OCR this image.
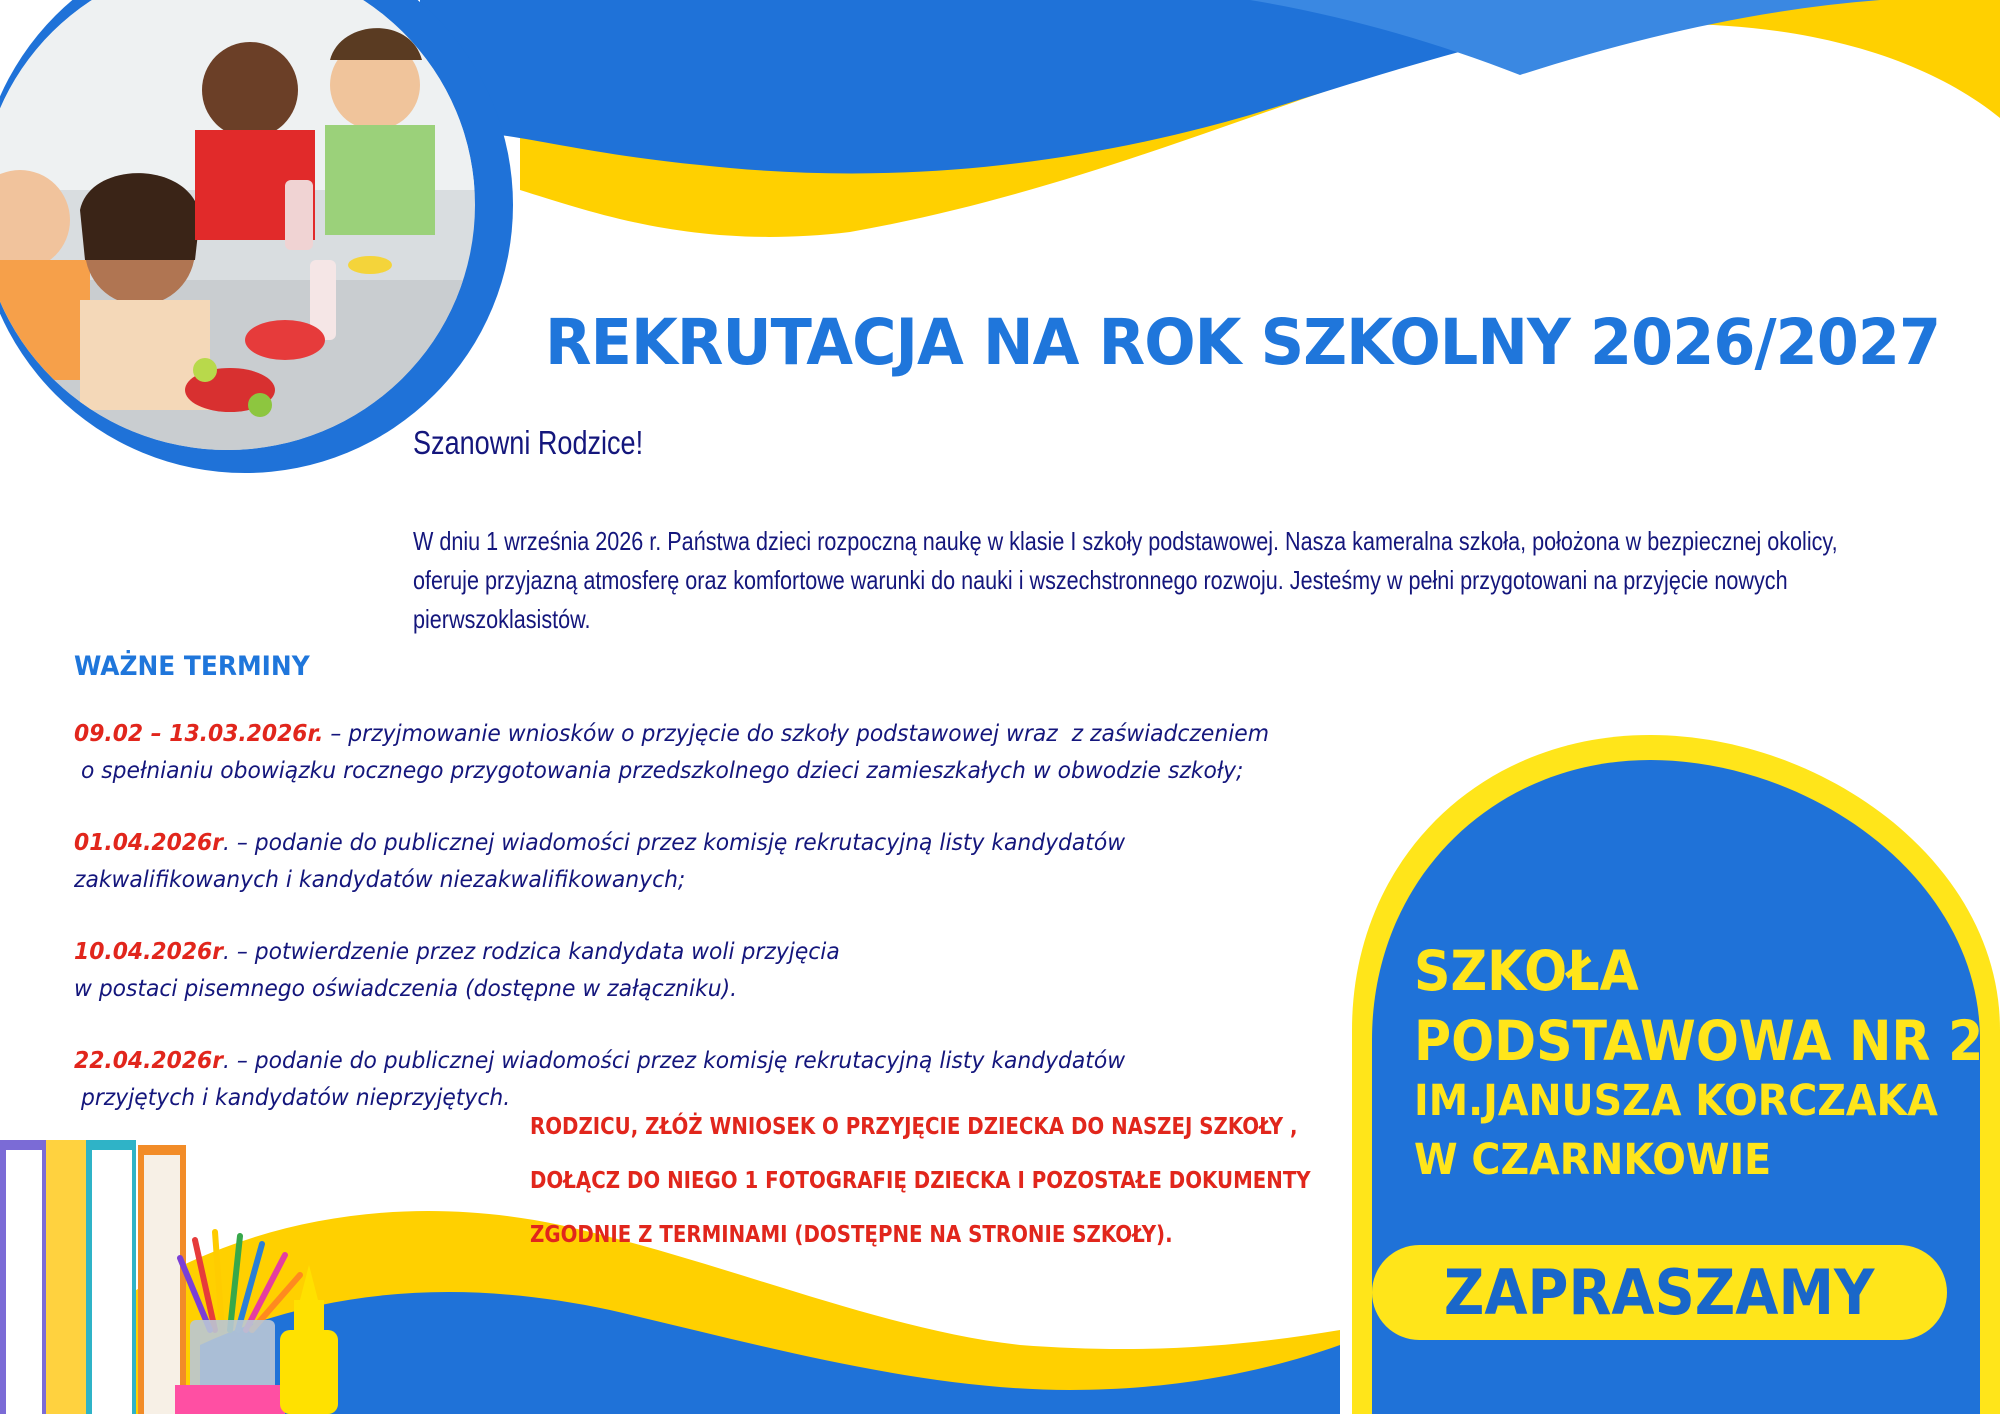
REKRUTACJA NA ROK SZKOLNY 2026/2027

Szanowni Rodzice!

W dniu 1 września 2026 r. Państwa dzieci rozpoczną naukę w klasie I szkoły podstawowej. Nasza kameralna szkoła, położona w bezpiecznej okolicy,
oferuje przyjazną atmosferę oraz komfortowe warunki do nauki i wszechstronnego rozwoju. Jesteśmy w pełni przygotowani na przyjęcie nowych
pierwszoklasistów.
WAŻNE TERMINY
09.02 – 13.03.2026r. – przyjmowanie wniosków o przyjęcie do szkoły podstawowej wraz  z zaświadczeniem
o spełnianiu obowiązku rocznego przygotowania przedszkolnego dzieci zamieszkałych w obwodzie szkoły;
01.04.2026r. – podanie do publicznej wiadomości przez komisję rekrutacyjną listy kandydatów
zakwalifikowanych i kandydatów niezakwalifikowanych;
10.04.2026r. – potwierdzenie przez rodzica kandydata woli przyjęcia
w postaci pisemnego oświadczenia (dostępne w załączniku).
22.04.2026r. – podanie do publicznej wiadomości przez komisję rekrutacyjną listy kandydatów
przyjętych i kandydatów nieprzyjętych.

RODZICU, ZŁÓŻ WNIOSEK O PRZYJĘCIE DZIECKA DO NASZEJ SZKOŁY ,

DOŁĄCZ DO NIEGO 1 FOTOGRAFIĘ DZIECKA I POZOSTAŁE DOKUMENTY

ZGODNIE Z TERMINAMI (DOSTĘPNE NA STRONIE SZKOŁY).

SZKOŁA

PODSTAWOWA NR 2

IM.JANUSZA KORCZAKA

W CZARNKOWIE

ZAPRASZAMY
